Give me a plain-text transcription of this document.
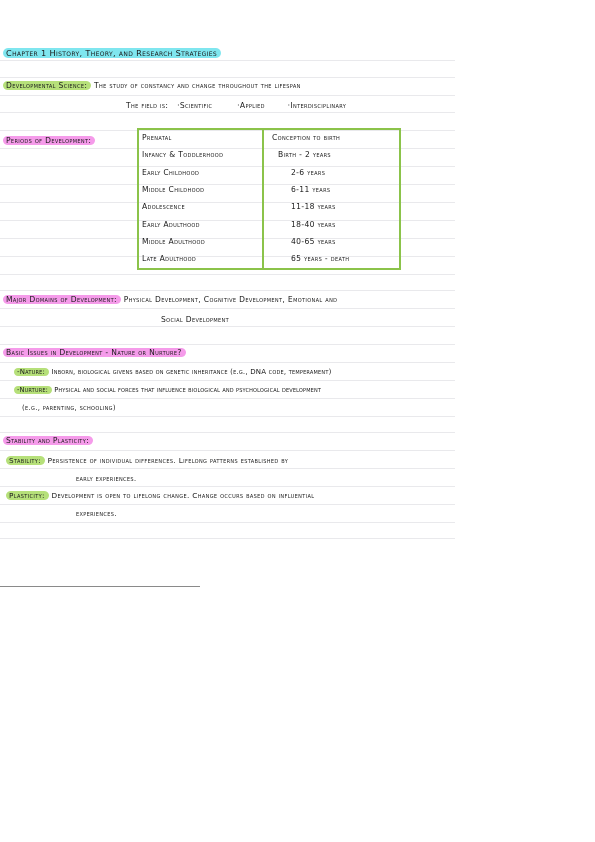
Chapter 1 History, Theory, and Research Strategies
Developmental Science: The study of constancy and change throughout the lifespan
The field is: ·Scientific	·Applied	·Interdisciplinary
Periods of Development:	Prenatal	Conception to birth
Infancy & Toddlerhood	Birth - 2 years
Early Childhood	2-6 years
Middle Childhood	6-11 years
Adolescence	11-18 years
Early Adulthood	18-40 years
Middle Adulthood	40-65 years
Late Adulthood	65 years - death
Major Domains of Development: Physical Development, Cognitive Development, Emotional and
Social Development
Basic Issues in Development - Nature or Nurture?
-Nature: Inborn, biological givens based on genetic inheritance (e.g., DNA code, temperament)
-Nurture: Physical and social forces that influence biological and psychological development
(e.g., parenting, schooling)
Stability and Plasticity:
Stability: Persistence of individual differences. Lifelong patterns established by
early experiences.
Plasticity: Development is open to lifelong change. Change occurs based on influential
experiences.
